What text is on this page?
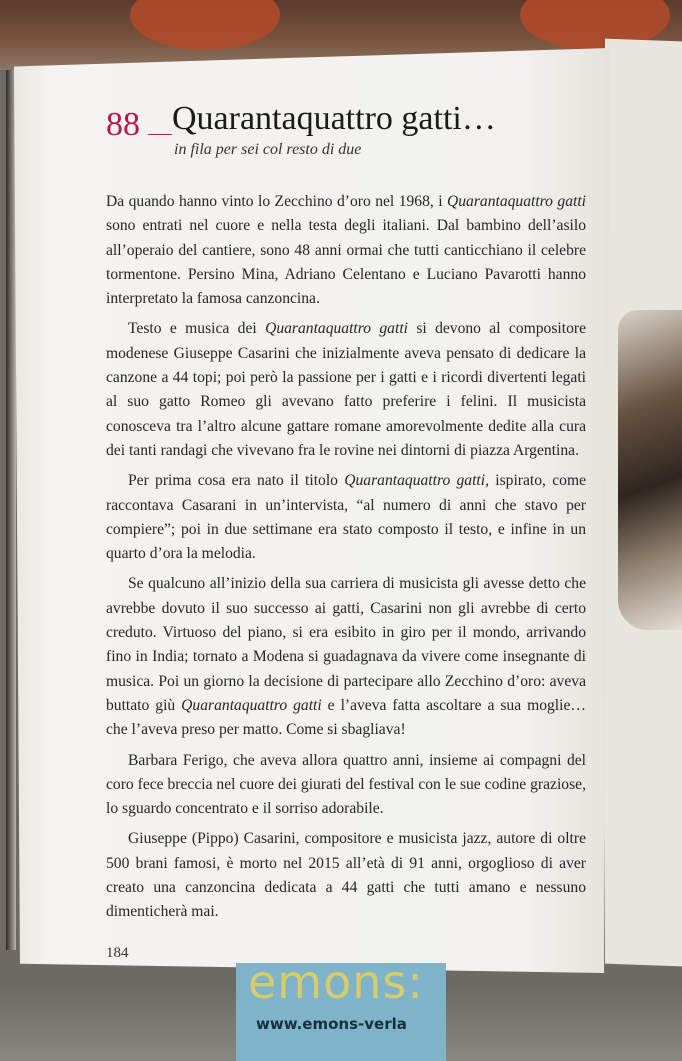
88 Quarantaquattro gatti…
in fila per sei col resto di due

Da quando hanno vinto lo Zecchino d’oro nel 1968, i Quarantaquattro gatti sono entrati nel cuore e nella testa degli italiani. Dal bambino dell’asilo all’operaio del cantiere, sono 48 anni ormai che tutti canticchiano il celebre tormentone. Persino Mina, Adriano Celentano e Luciano Pavarotti hanno interpretato la famosa canzoncina.

Testo e musica dei Quarantaquattro gatti si devono al compositore modenese Giuseppe Casarini che inizialmente aveva pensato di dedicare la canzone a 44 topi; poi però la passione per i gatti e i ricordi divertenti legati al suo gatto Romeo gli avevano fatto preferire i felini. Il musicista conosceva tra l’altro alcune gattare romane amorevolmente dedite alla cura dei tanti randagi che vivevano fra le rovine nei dintorni di piazza Argentina.

Per prima cosa era nato il titolo Quarantaquattro gatti, ispirato, come raccontava Casarani in un’intervista, “al numero di anni che stavo per compiere”; poi in due settimane era stato composto il testo, e infine in un quarto d’ora la melodia.

Se qualcuno all’inizio della sua carriera di musicista gli avesse detto che avrebbe dovuto il suo successo ai gatti, Casarini non gli avrebbe di certo creduto. Virtuoso del piano, si era esibito in giro per il mondo, arrivando fino in India; tornato a Modena si guadagnava da vivere come insegnante di musica. Poi un giorno la decisione di partecipare allo Zecchino d’oro: aveva buttato giù Quarantaquattro gatti e l’aveva fatta ascoltare a sua moglie… che l’aveva preso per matto. Come si sbagliava!

Barbara Ferigo, che aveva allora quattro anni, insieme ai compagni del coro fece breccia nel cuore dei giurati del festival con le sue codine graziose, lo sguardo concentrato e il sorriso adorabile.

Giuseppe (Pippo) Casarini, compositore e musicista jazz, autore di oltre 500 brani famosi, è morto nel 2015 all’età di 91 anni, orgoglioso di aver creato una canzoncina dedicata a 44 gatti che tutti amano e nessuno dimenticherà mai.

184
emons:
www.emons-verla
